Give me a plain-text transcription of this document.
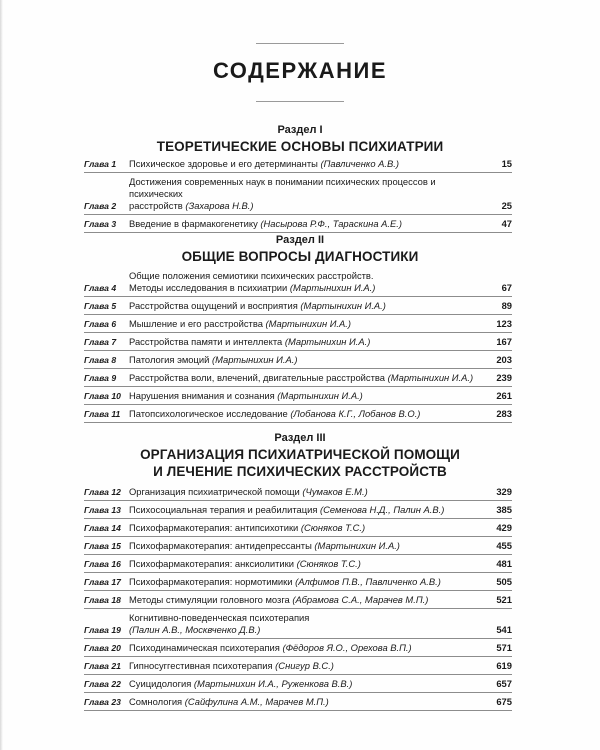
СОДЕРЖАНИЕ
Раздел I
ТЕОРЕТИЧЕСКИЕ ОСНОВЫ ПСИХИАТРИИ
Глава 1	Психическое здоровье и его детерминанты (Павличенко А.В.)	15
Глава 2
Достижения современных наук в понимании психических процессов и психических
расстройств (Захарова Н.В.)	25
Глава 3	Введение в фармакогенетику (Насырова Р.Ф., Тараскина А.Е.)	47
Раздел II
ОБЩИЕ ВОПРОСЫ ДИАГНОСТИКИ
Глава 4
Общие положения семиотики психических расстройств.
Методы исследования в психиатрии (Мартынихин И.А.)	67
Глава 5	Расстройства ощущений и восприятия (Мартынихин И.А.)	89
Глава 6	Мышление и его расстройства (Мартынихин И.А.)	123
Глава 7	Расстройства памяти и интеллекта (Мартынихин И.А.)	167
Глава 8	Патология эмоций (Мартынихин И.А.)	203
Глава 9	Расстройства воли, влечений, двигательные расстройства (Мартынихин И.А.)	239
Глава 10 Нарушения внимания и сознания (Мартынихин И.А.)	261
Глава 11 Патопсихологическое исследование (Лобанова К.Г., Лобанов В.О.)	283
Раздел III
ОРГАНИЗАЦИЯ ПСИХИАТРИЧЕСКОЙ ПОМОЩИ
И ЛЕЧЕНИЕ ПСИХИЧЕСКИХ РАССТРОЙСТВ
Глава 12 Организация психиатрической помощи (Чумаков Е.М.)	329
Глава 13 Психосоциальная терапия и реабилитация (Семенова Н.Д., Палин А.В.)	385
Глава 14 Психофармакотерапия: антипсихотики (Сюняков Т.С.)	429
Глава 15 Психофармакотерапия: антидепрессанты (Мартынихин И.А.)	455
Глава 16 Психофармакотерапия: анксиолитики (Сюняков Т.С.)	481
Глава 17 Психофармакотерапия: нормотимики (Алфимов П.В., Павличенко А.В.)	505
Глава 18 Методы стимуляции головного мозга (Абрамова С.А., Марачев М.П.)	521
Глава 19
Когнитивно-поведенческая психотерапия
(Палин А.В., Москвченко Д.В.)	541
Глава 20 Психодинамическая психотерапия (Фёдоров Я.О., Орехова В.П.)	571
Глава 21 Гипносуггестивная психотерапия (Снигур В.С.)	619
Глава 22 Суицидология (Мартынихин И.А., Руженкова В.В.)	657
Глава 23 Сомнология (Сайфулина А.М., Марачев М.П.)	675
